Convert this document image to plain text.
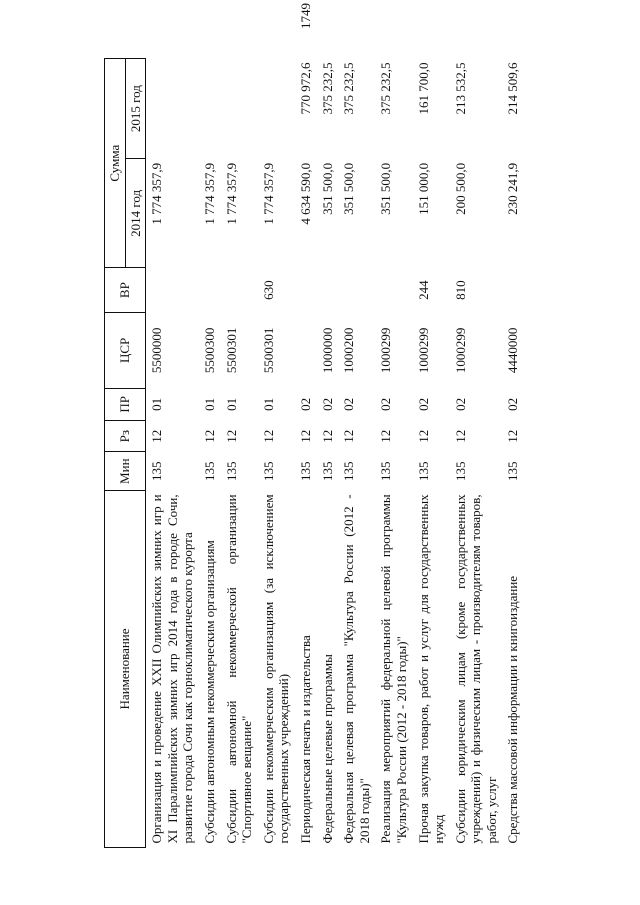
1749
Наименование	Мин	Рз	ПР	ЦСР	ВР	Сумма	
						2014 год	2015 год
Организация и проведение XXII Олимпийских зимних игр и XI Паралимпийских зимних игр 2014 года в городе Сочи, развитие города Сочи как горноклиматического курорта	135	12	01	5500000		1 774 357,9	
Субсидии автономным некоммерческим организациям	135	12	01	5500300		1 774 357,9	
Субсидии автономной некоммерческой организации "Спортивное вещание"	135	12	01	5500301		1 774 357,9	
Субсидии некоммерческим организациям (за исключением государственных учреждений)	135	12	01	5500301	630	1 774 357,9	
Периодическая печать и издательства	135	12	02			4 634 590,0	770 972,6
Федеральные целевые программы	135	12	02	1000000		351 500,0	375 232,5
Федеральная целевая программа "Культура России (2012 - 2018 годы)"	135	12	02	1000200		351 500,0	375 232,5
Реализация мероприятий федеральной целевой программы "Культура России (2012 - 2018 годы)"	135	12	02	1000299		351 500,0	375 232,5
Прочая закупка товаров, работ и услуг для государственных нужд	135	12	02	1000299	244	151 000,0	161 700,0
Субсидии юридическим лицам (кроме государственных учреждений) и физическим лицам - производителям товаров, работ, услуг	135	12	02	1000299	810	200 500,0	213 532,5
Средства массовой информации и книгоиздание	135	12	02	4440000		230 241,9	214 509,6
